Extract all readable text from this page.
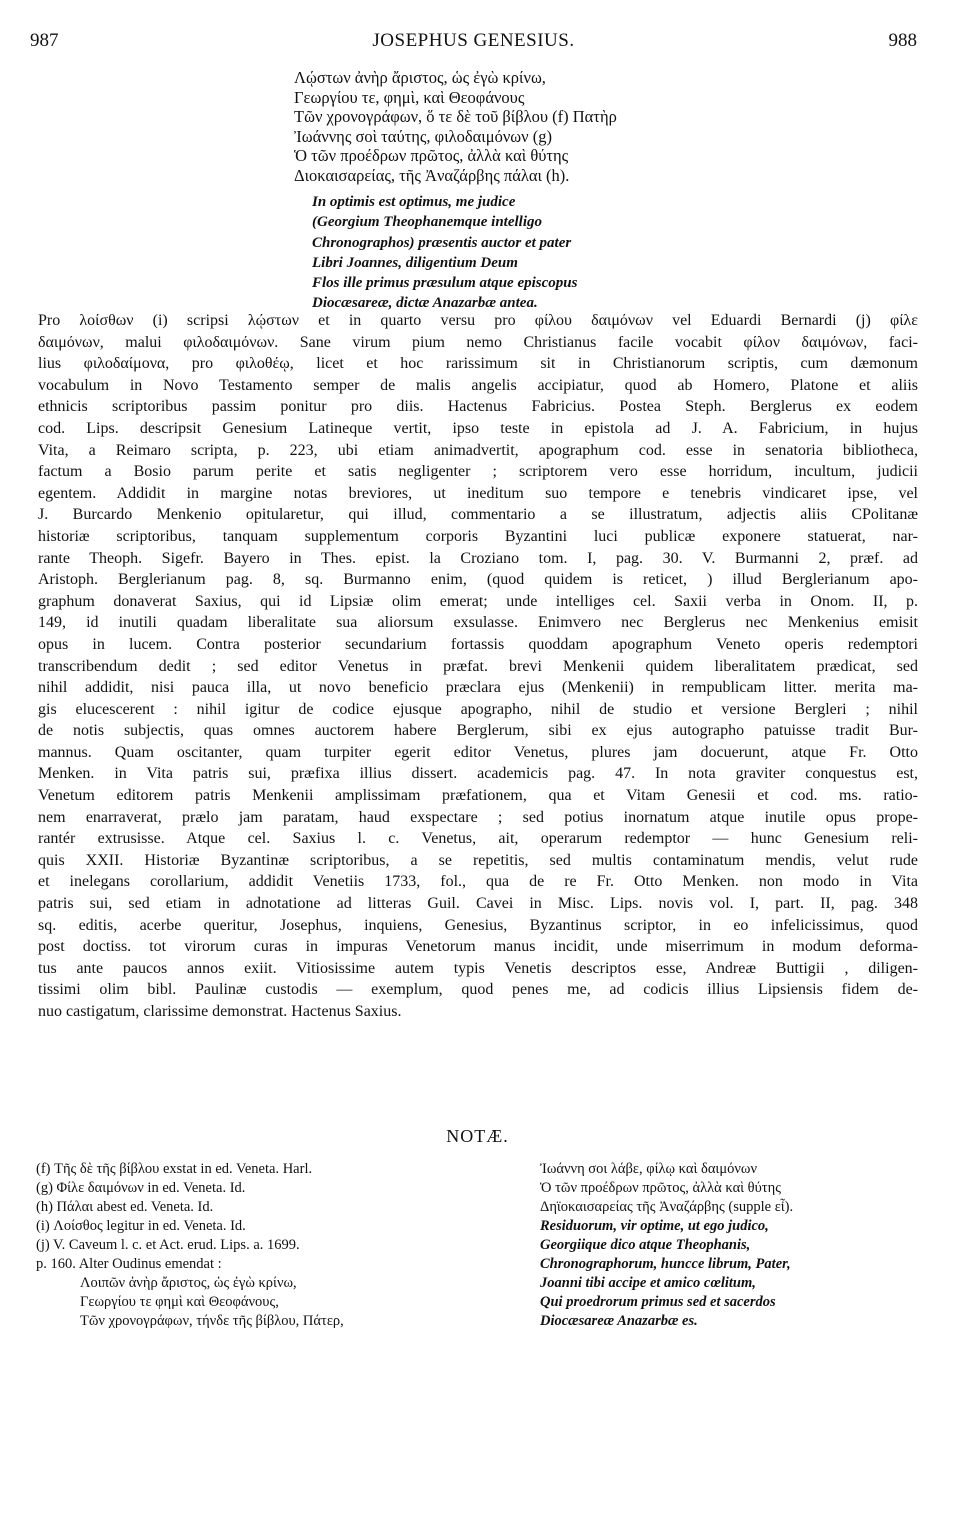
987	JOSEPHUS GENESIUS.	988
Λῴστων ἀνὴρ ἄριστος, ὡς ἐγὼ κρίνω,
Γεωργίου τε, φημὶ, καὶ Θεοφάνους
Τῶν χρονογράφων, ὅ τε δὲ τοῦ βίβλου (f) Πατὴρ
Ἰωάννης σοὶ ταύτης, φιλοδαιμόνων (g)
Ὁ τῶν προέδρων πρῶτος, ἀλλὰ καὶ θύτης
Διοκαισαρείας, τῆς Ἀναζάρβης πάλαι (h).
In optimis est optimus, me judice
(Georgium Theophanemque intelligo
Chronographos) præsentis auctor et pater
Libri Joannes, diligentium Deum
Flos ille primus præsulum atque episcopus
Diocæsareæ, dictæ Anazarbæ antea.
Pro λοίσθων (i) scripsi λῴστων et in quarto versu pro φίλου δαιμόνων vel Eduardi Bernardi (j) φίλε
δαιμόνων, malui φιλοδαιμόνων. Sane virum pium nemo Christianus facile vocabit φίλον δαιμόνων, faci-
lius φιλοδαίμονα, pro φιλοθέῳ, licet et hoc rarissimum sit in Christianorum scriptis, cum dæmonum
vocabulum in Novo Testamento semper de malis angelis accipiatur, quod ab Homero, Platone et aliis
ethnicis scriptoribus passim ponitur pro diis. Hactenus Fabricius. Postea Steph. Berglerus ex eodem
cod. Lips. descripsit Genesium Latineque vertit, ipso teste in epistola ad J. A. Fabricium, in hujus
Vita, a Reimaro scripta, p. 223, ubi etiam animadvertit, apographum cod. esse in senatoria bibliotheca,
factum a Bosio parum perite et satis negligenter ; scriptorem vero esse horridum, incultum, judicii
egentem. Addidit in margine notas breviores, ut ineditum suo tempore e tenebris vindicaret ipse, vel
J. Burcardo Menkenio opitularetur, qui illud, commentario a se illustratum, adjectis aliis CPolitanæ
historiæ scriptoribus, tanquam supplementum corporis Byzantini luci publicæ exponere statuerat, nar-
rante Theoph. Sigefr. Bayero in Thes. epist. la Croziano tom. I, pag. 30. V. Burmanni 2, præf. ad
Aristoph. Berglerianum pag. 8, sq. Burmanno enim, (quod quidem is reticet, ) illud Berglerianum apo-
graphum donaverat Saxius, qui id Lipsiæ olim emerat; unde intelliges cel. Saxii verba in Onom. II, p.
149, id inutili quadam liberalitate sua aliorsum exsulasse. Enimvero nec Berglerus nec Menkenius emisit
opus in lucem. Contra posterior secundarium fortassis quoddam apographum Veneto operis redemptori
transcribendum dedit ; sed editor Venetus in præfat. brevi Menkenii quidem liberalitatem prædicat, sed
nihil addidit, nisi pauca illa, ut novo beneficio præclara ejus (Menkenii) in rempublicam litter. merita ma-
gis elucescerent : nihil igitur de codice ejusque apographo, nihil de studio et versione Bergleri ; nihil
de notis subjectis, quas omnes auctorem habere Berglerum, sibi ex ejus autographo patuisse tradit Bur-
mannus. Quam oscitanter, quam turpiter egerit editor Venetus, plures jam docuerunt, atque Fr. Otto
Menken. in Vita patris sui, præfixa illius dissert. academicis pag. 47. In nota graviter conquestus est,
Venetum editorem patris Menkenii amplissimam præfationem, qua et Vitam Genesii et cod. ms. ratio-
nem enarraverat, prælo jam paratam, haud exspectare ; sed potius inornatum atque inutile opus prope-
rantér extrusisse. Atque cel. Saxius l. c. Venetus, ait, operarum redemptor — hunc Genesium reli-
quis XXII. Historiæ Byzantinæ scriptoribus, a se repetitis, sed multis contaminatum mendis, velut rude
et inelegans corollarium, addidit Venetiis 1733, fol., qua de re Fr. Otto Menken. non modo in Vita
patris sui, sed etiam in adnotatione ad litteras Guil. Cavei in Misc. Lips. novis vol. I, part. II, pag. 348
sq. editis, acerbe queritur, Josephus, inquiens, Genesius, Byzantinus scriptor, in eo infelicissimus, quod
post doctiss. tot virorum curas in impuras Venetorum manus incidit, unde miserrimum in modum deforma-
tus ante paucos annos exiit. Vitiosissime autem typis Venetis descriptos esse, Andreæ Buttigii , diligen-
tissimi olim bibl. Paulinæ custodis — exemplum, quod penes me, ad codicis illius Lipsiensis fidem de-
nuo castigatum, clarissime demonstrat. Hactenus Saxius.
NOTÆ.
(f) Τῆς δὲ τῆς βίβλου exstat in ed. Veneta. Harl.
(g) Φίλε δαιμόνων in ed. Veneta. Id.
(h) Πάλαι abest ed. Veneta. Id.
(i) Λοίσθος legitur in ed. Veneta. Id.
(j) V. Caveum l. c. et Act. erud. Lips. a. 1699.
p. 160. Alter Oudinus emendat :
Λοιπῶν ἀνὴρ ἄριστος, ὡς ἐγὼ κρίνω,
Γεωργίου τε φημὶ καὶ Θεοφάνους,
Τῶν χρονογράφων, τήνδε τῆς βίβλου, Πάτερ,
Ἰωάννη σοι λάβε, φίλῳ καὶ δαιμόνων
Ὁ τῶν προέδρων πρῶτος, ἀλλὰ καὶ θύτης
Δηϊοκαισαρείας τῆς Ἀναζάρβης (supple εἶ).
Residuorum, vir optime, ut ego judico,
Georgiique dico atque Theophanis,
Chronographorum, huncce librum, Pater,
Joanni tibi accipe et amico cœlitum,
Qui proedrorum primus sed et sacerdos
Diocæsareæ Anazarbæ es.
